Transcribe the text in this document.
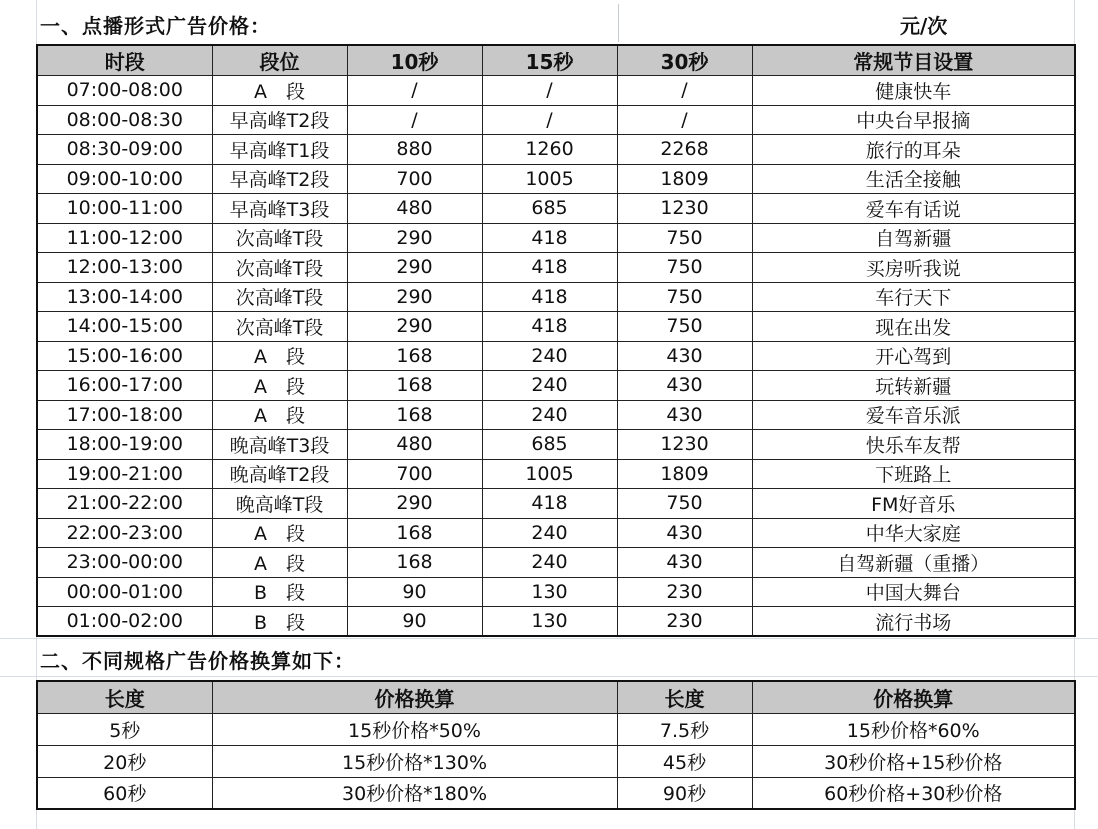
一、点播形式广告价格：	元/次
时段	段位	10秒	15秒	30秒	常规节目设置
07:00-08:00	A　段	/	/	/	健康快车
08:00-08:30	早高峰T2段	/	/	/	中央台早报摘
08:30-09:00	早高峰T1段	880	1260	2268	旅行的耳朵
09:00-10:00	早高峰T2段	700	1005	1809	生活全接触
10:00-11:00	早高峰T3段	480	685	1230	爱车有话说
11:00-12:00	次高峰T段	290	418	750	自驾新疆
12:00-13:00	次高峰T段	290	418	750	买房听我说
13:00-14:00	次高峰T段	290	418	750	车行天下
14:00-15:00	次高峰T段	290	418	750	现在出发
15:00-16:00	A　段	168	240	430	开心驾到
16:00-17:00	A　段	168	240	430	玩转新疆
17:00-18:00	A　段	168	240	430	爱车音乐派
18:00-19:00	晚高峰T3段	480	685	1230	快乐车友帮
19:00-21:00	晚高峰T2段	700	1005	1809	下班路上
21:00-22:00	晚高峰T段	290	418	750	FM好音乐
22:00-23:00	A　段	168	240	430	中华大家庭
23:00-00:00	A　段	168	240	430	自驾新疆（重播）
00:00-01:00	B　段	90	130	230	中国大舞台
01:00-02:00	B　段	90	130	230	流行书场
二、不同规格广告价格换算如下：
长度	价格换算	长度	价格换算
5秒	15秒价格*50%	7.5秒	15秒价格*60%
20秒	15秒价格*130%	45秒	30秒价格+15秒价格
60秒	30秒价格*180%	90秒	60秒价格+30秒价格
